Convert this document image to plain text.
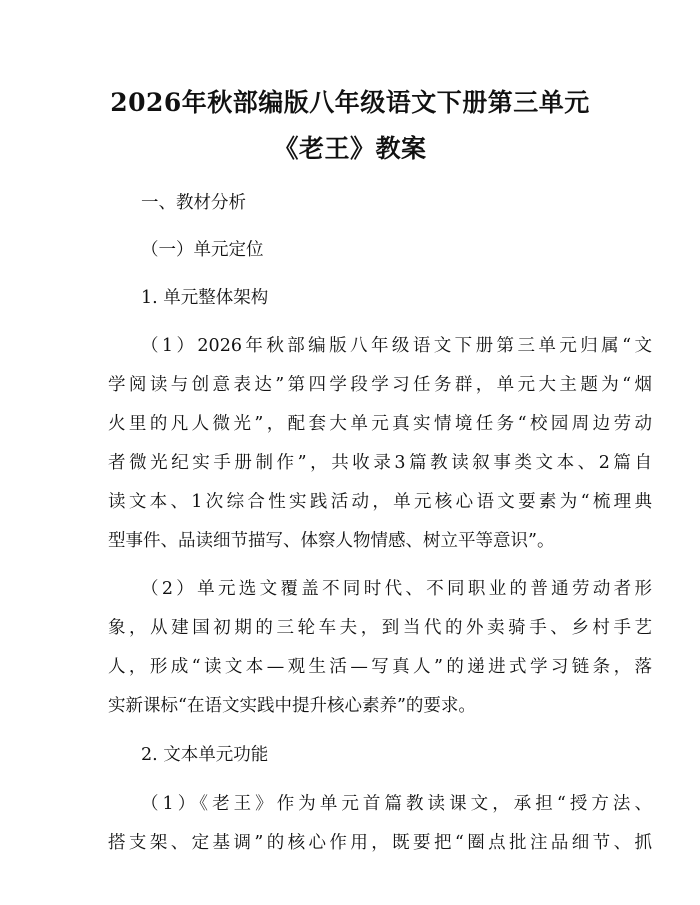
2026年秋部编版八年级语文下册第三单元
《老王》教案
一、教材分析
（一）单元定位
1. 单元整体架构
（1）2026年秋部编版八年级语文下册第三单元归属“文
学阅读与创意表达”第四学段学习任务群，单元大主题为“烟
火里的凡人微光”，配套大单元真实情境任务“校园周边劳动
者微光纪实手册制作”，共收录3篇教读叙事类文本、2篇自
读文本、1次综合性实践活动，单元核心语文要素为“梳理典
型事件、品读细节描写、体察人物情感、树立平等意识”。
（2）单元选文覆盖不同时代、不同职业的普通劳动者形
象，从建国初期的三轮车夫，到当代的外卖骑手、乡村手艺
人，形成“读文本—观生活—写真人”的递进式学习链条，落
实新课标“在语文实践中提升核心素养”的要求。
2. 文本单元功能
（1）《老王》作为单元首篇教读课文，承担“授方法、
搭支架、定基调”的核心作用，既要把“圈点批注品细节、抓
